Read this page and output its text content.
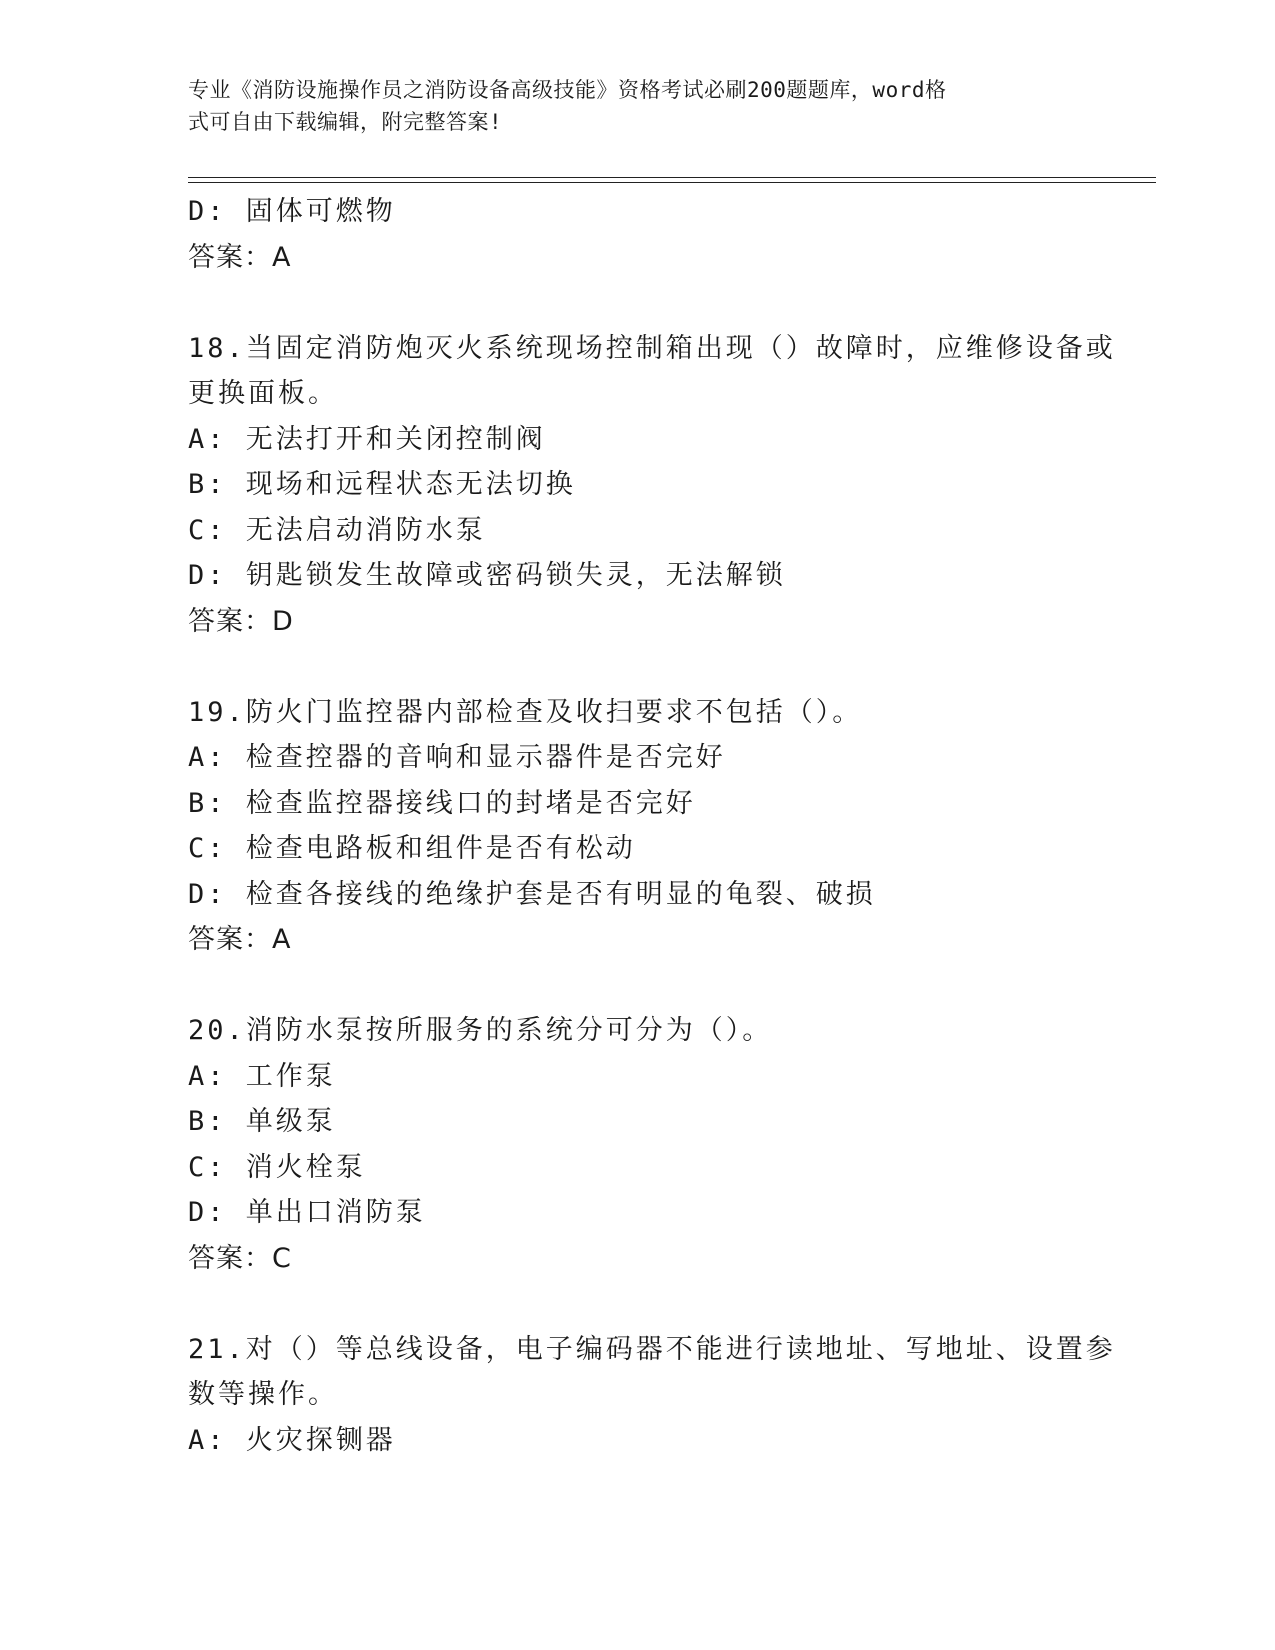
专业《消防设施操作员之消防设备高级技能》资格考试必刷200题题库，word格
式可自由下载编辑，附完整答案!
D: 固体可燃物
答案：A
18.当固定消防炮灭火系统现场控制箱出现（）故障时，应维修设备或
更换面板。
A: 无法打开和关闭控制阀
B: 现场和远程状态无法切换
C: 无法启动消防水泵
D: 钥匙锁发生故障或密码锁失灵，无法解锁
答案：D
19.防火门监控器内部检查及收扫要求不包括（）。
A: 检查控器的音响和显示器件是否完好
B: 检查监控器接线口的封堵是否完好
C: 检查电路板和组件是否有松动
D: 检查各接线的绝缘护套是否有明显的龟裂、破损
答案：A
20.消防水泵按所服务的系统分可分为（）。
A: 工作泵
B: 单级泵
C: 消火栓泵
D: 单出口消防泵
答案：C
21.对（）等总线设备，电子编码器不能进行读地址、写地址、设置参
数等操作。
A: 火灾探铡器
